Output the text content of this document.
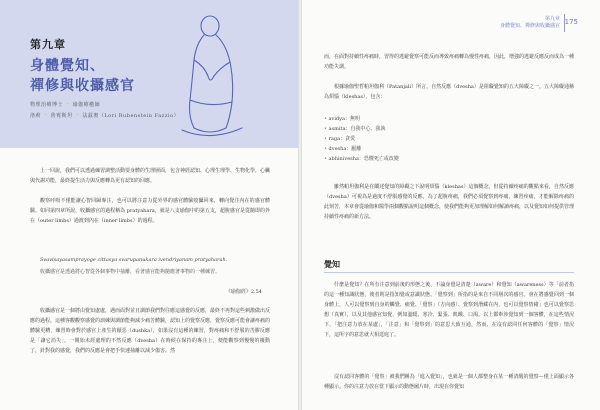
第九章
身體覺知、
禪修與收攝感官
物理治療博士 ‧ 瑜伽療癒師
洛莉 ‧ 魯賓斯坦 ‧ 法茲奧（Lori Rubenstein Fazzio）
上一回說，我們可以透過練習調整活動要身體的生理層面，包含神經認知、心理生理學、生物化學，心臟與代謝功能，最終提生活力與反應轉為更有認知的回應。
觀察呼吸不僅能讓心智回歸專注，也可以將注意力從外界的感官體驗收攝回來，轉向覺注內在的感官體驗。如同第四章所說，收攝感官的過程稱為 pratyahara，就是八支瑜伽中的第五支，超脫感官是從隨即的外在（outer limbs）過渡到內在（inner limbs）的過程。
Svavisayasamprayoge cittasya svarupanukara ivendriyanam pratyaharah.
收攝感官是透過將心智從各個事物中抽離，看著感官能夠隨應著事物的一種練習。
《瑜伽經》2.54
收攝感官是一個將由覺知處處，遇而面對並且調節我們對往應這感覺的反應，最終不再對這些刺激做出反應的過程。這種客觀觀察感覺的訓練與調節能夠減少痛苦體驗，認知上的覺察反應，覺察反應可能會讓疼痛的體驗更糟，練習時會對於感官上產生的厭惡（dushka），如果沒有這種的練習，對疼痛和不舒服的苦膠反應是「讓它消失」，一開始未經處理的不然反應（dvesha）在時候在保持的專注上，便能觀察到慢慢的擾動了，針對我的感覺，我們的反應是會把手快速抽離以減少傷害。然
第九章
身體覺知、禪修與收攝感官 175
而，在面對持續性疼痛時，習得的逃避覺察可能反而導致疼痛轉為慢性疼痛，因此，增強的逃避反應反而成為一種功能失調。
根據瑜伽聖哲帕坦伽利（Patanjali）所言，自然反應（dvesha）是阻礙覺知的五大障礙之一，五大障礙通稱為煩惱（kleshas），包含：
• avidya：無明
• asmita：自我中心、我執
• raga：貪愛
• dvesha：厭離
• abhinivesha：恐懼死亡或改變
雖然帕坦伽利是在闡述覺知的障礙之下說明煩惱（kleshas）這個概念，但從持續疼痛的觀點來看，自然反應（dvesha）可視為是過度不舒服感覺的反應，為了超脫疼痛，我們必須覺察到疼痛，練習疼痛，才能解除疼痛的此刻苦，本章會從瑜伽和醫學兩個觀點說明這個概念，使我們能夠更加理解如何解讀疼痛，以及覺知如何提供管理持續性疼痛的新方法。
覺知
什麼是覺知？在所有注意到前後的形態之後，不論身覺是清楚（aware）和覺知（awareness）等「前者指的這一種知識狀態，後者則是指知覺或意識狀態。「覺察到」所指的是來自不同層次的感官。會在將感覺回到一個身體上，人可以覺察到自身的觸覺、痛覺、「覺察」（方向感）、覺察到潛藏在內，也可以覺察情緒」也可以覺察思想（真實），以及其他感官知覺，例如溫暖、寒冷、緊張、飢餓、口渴。以上都牽涉覺知到一個客體，在這些情況下，「把注意力放在某處」，「注意」和「覺察到」的意思大致互通，然而，在沒有認同任何客體的「覺察」情況下，這所字的意思就大相逕庭了。
沒有認同客體的「覺察」被我們稱為「進入覺知」，也就是一個人都整身在某一種清醒的覺察—僅上面顯示各種顯示。你的注意力放在當下顯示的動態圖片時，出現在你覺知
